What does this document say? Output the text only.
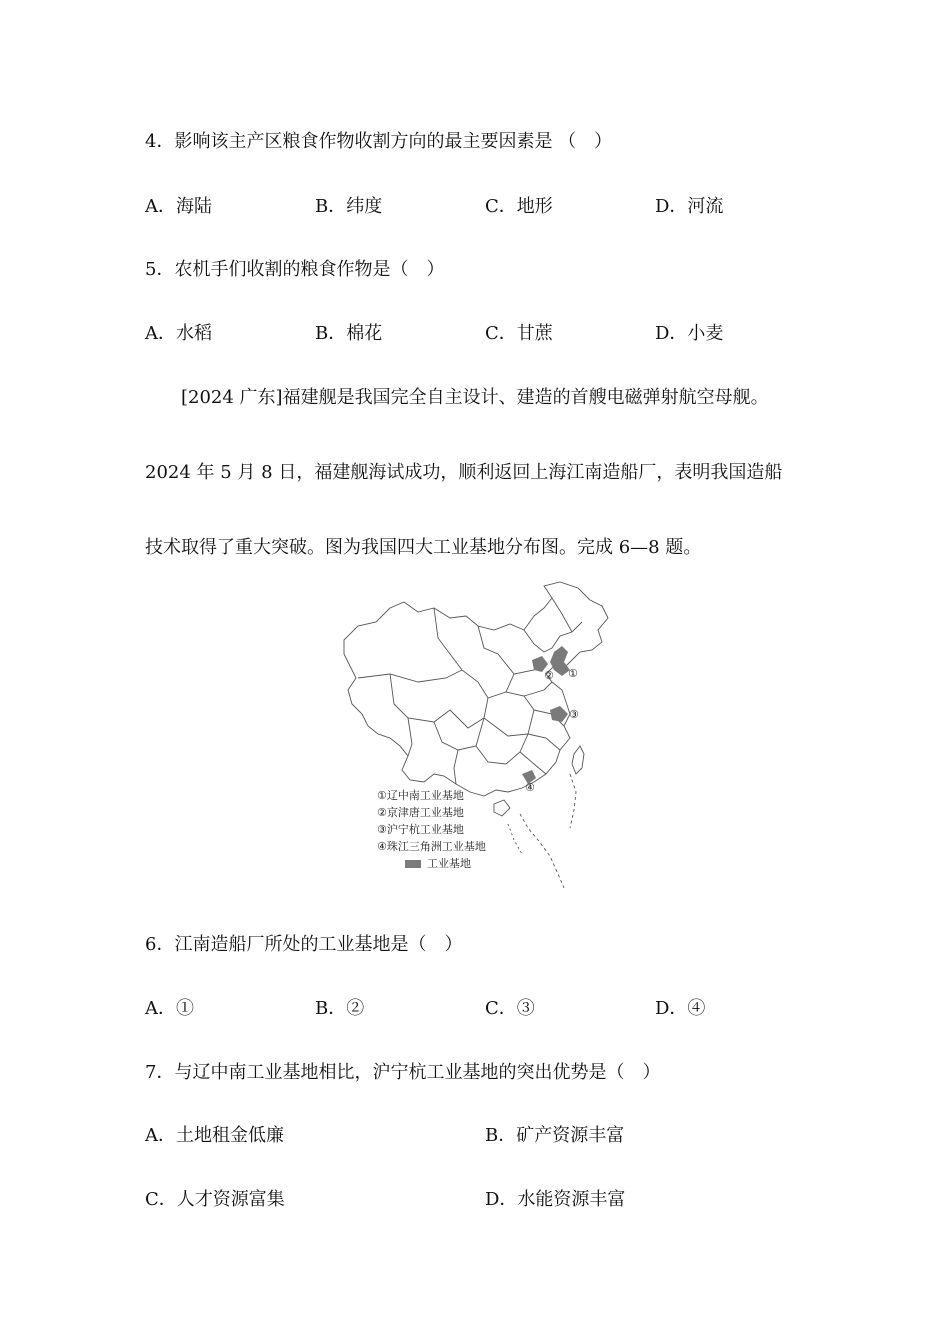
4．影响该主产区粮食作物收割方向的最主要因素是 （　）
A．海陆	B．纬度	C．地形	D．河流
5．农机手们收割的粮食作物是（　）
A．水稻	B．棉花	C．甘蔗	D．小麦
[2024 广东]福建舰是我国完全自主设计、建造的首艘电磁弹射航空母舰。
2024 年 5 月 8 日，福建舰海试成功，顺利返回上海江南造船厂，表明我国造船
技术取得了重大突破。图为我国四大工业基地分布图。完成 6—8 题。
①
②
③
④
①辽中南工业基地
②京津唐工业基地
③沪宁杭工业基地
④珠江三角洲工业基地
工业基地
6．江南造船厂所处的工业基地是（　）
A．①	B．②	C．③	D．④
7．与辽中南工业基地相比，沪宁杭工业基地的突出优势是（　）
A．土地租金低廉	B．矿产资源丰富
C．人才资源富集	D．水能资源丰富
